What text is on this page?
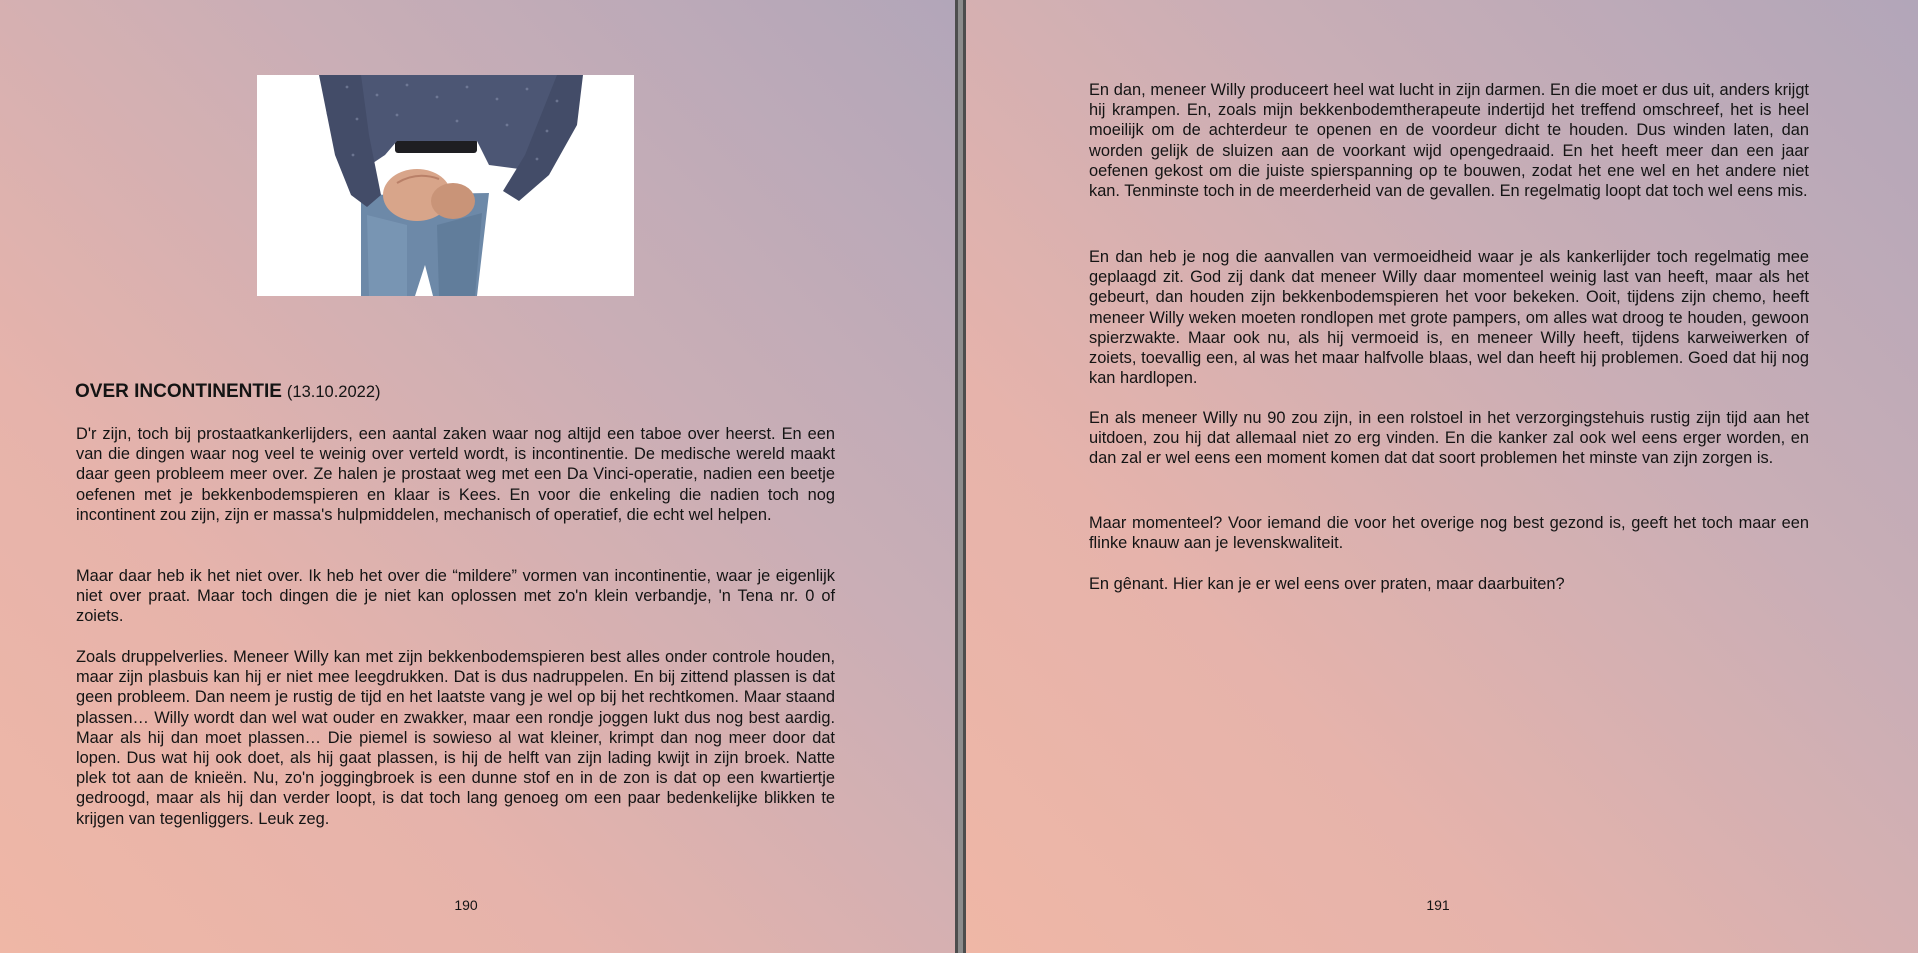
OVER INCONTINENTIE (13.10.2022)

D'r zijn, toch bij prostaatkankerlijders, een aantal zaken waar nog altijd een taboe over heerst. En een van die dingen waar nog veel te weinig over verteld wordt, is incontinentie. De medische wereld maakt daar geen probleem meer over. Ze halen je prostaat weg met een Da Vinci-operatie, nadien een beetje oefenen met je bekkenbodemspieren en klaar is Kees. En voor die enkeling die nadien toch nog incontinent zou zijn, zijn er massa's hulpmiddelen, mechanisch of operatief, die echt wel helpen.

Maar daar heb ik het niet over. Ik heb het over die “mildere” vormen van incontinentie, waar je eigenlijk niet over praat. Maar toch dingen die je niet kan oplossen met zo'n klein verbandje, 'n Tena nr. 0 of zoiets.

Zoals druppelverlies. Meneer Willy kan met zijn bekkenbodemspieren best alles onder controle houden, maar zijn plasbuis kan hij er niet mee leegdrukken. Dat is dus nadruppelen. En bij zittend plassen is dat geen probleem. Dan neem je rustig de tijd en het laatste vang je wel op bij het rechtkomen. Maar staand plassen… Willy wordt dan wel wat ouder en zwakker, maar een rondje joggen lukt dus nog best aardig. Maar als hij dan moet plassen… Die piemel is sowieso al wat kleiner, krimpt dan nog meer door dat lopen. Dus wat hij ook doet, als hij gaat plassen, is hij de helft van zijn lading kwijt in zijn broek. Natte plek tot aan de knieën. Nu, zo'n joggingbroek is een dunne stof en in de zon is dat op een kwartiertje gedroogd, maar als hij dan verder loopt, is dat toch lang genoeg om een paar bedenkelijke blikken te krijgen van tegenliggers. Leuk zeg.

190

En dan, meneer Willy produceert heel wat lucht in zijn darmen. En die moet er dus uit, anders krijgt hij krampen. En, zoals mijn bekkenbodemtherapeute indertijd het treffend omschreef, het is heel moeilijk om de achterdeur te openen en de voordeur dicht te houden. Dus winden laten, dan worden gelijk de sluizen aan de voorkant wijd opengedraaid. En het heeft meer dan een jaar oefenen gekost om die juiste spierspanning op te bouwen, zodat het ene wel en het andere niet kan. Tenminste toch in de meerderheid van de gevallen. En regelmatig loopt dat toch wel eens mis.

En dan heb je nog die aanvallen van vermoeidheid waar je als kankerlijder toch regelmatig mee geplaagd zit. God zij dank dat meneer Willy daar momenteel weinig last van heeft, maar als het gebeurt, dan houden zijn bekkenbodemspieren het voor bekeken. Ooit, tijdens zijn chemo, heeft meneer Willy weken moeten rondlopen met grote pampers, om alles wat droog te houden, gewoon spierzwakte. Maar ook nu, als hij vermoeid is, en meneer Willy heeft, tijdens karweiwerken of zoiets, toevallig een, al was het maar halfvolle blaas, wel dan heeft hij problemen. Goed dat hij nog kan hardlopen.

En als meneer Willy nu 90 zou zijn, in een rolstoel in het verzorgingstehuis rustig zijn tijd aan het uitdoen, zou hij dat allemaal niet zo erg vinden. En die kanker zal ook wel eens erger worden, en dan zal er wel eens een moment komen dat dat soort problemen het minste van zijn zorgen is.

Maar momenteel? Voor iemand die voor het overige nog best gezond is, geeft het toch maar een flinke knauw aan je levenskwaliteit.

En gênant. Hier kan je er wel eens over praten, maar daarbuiten?

191
